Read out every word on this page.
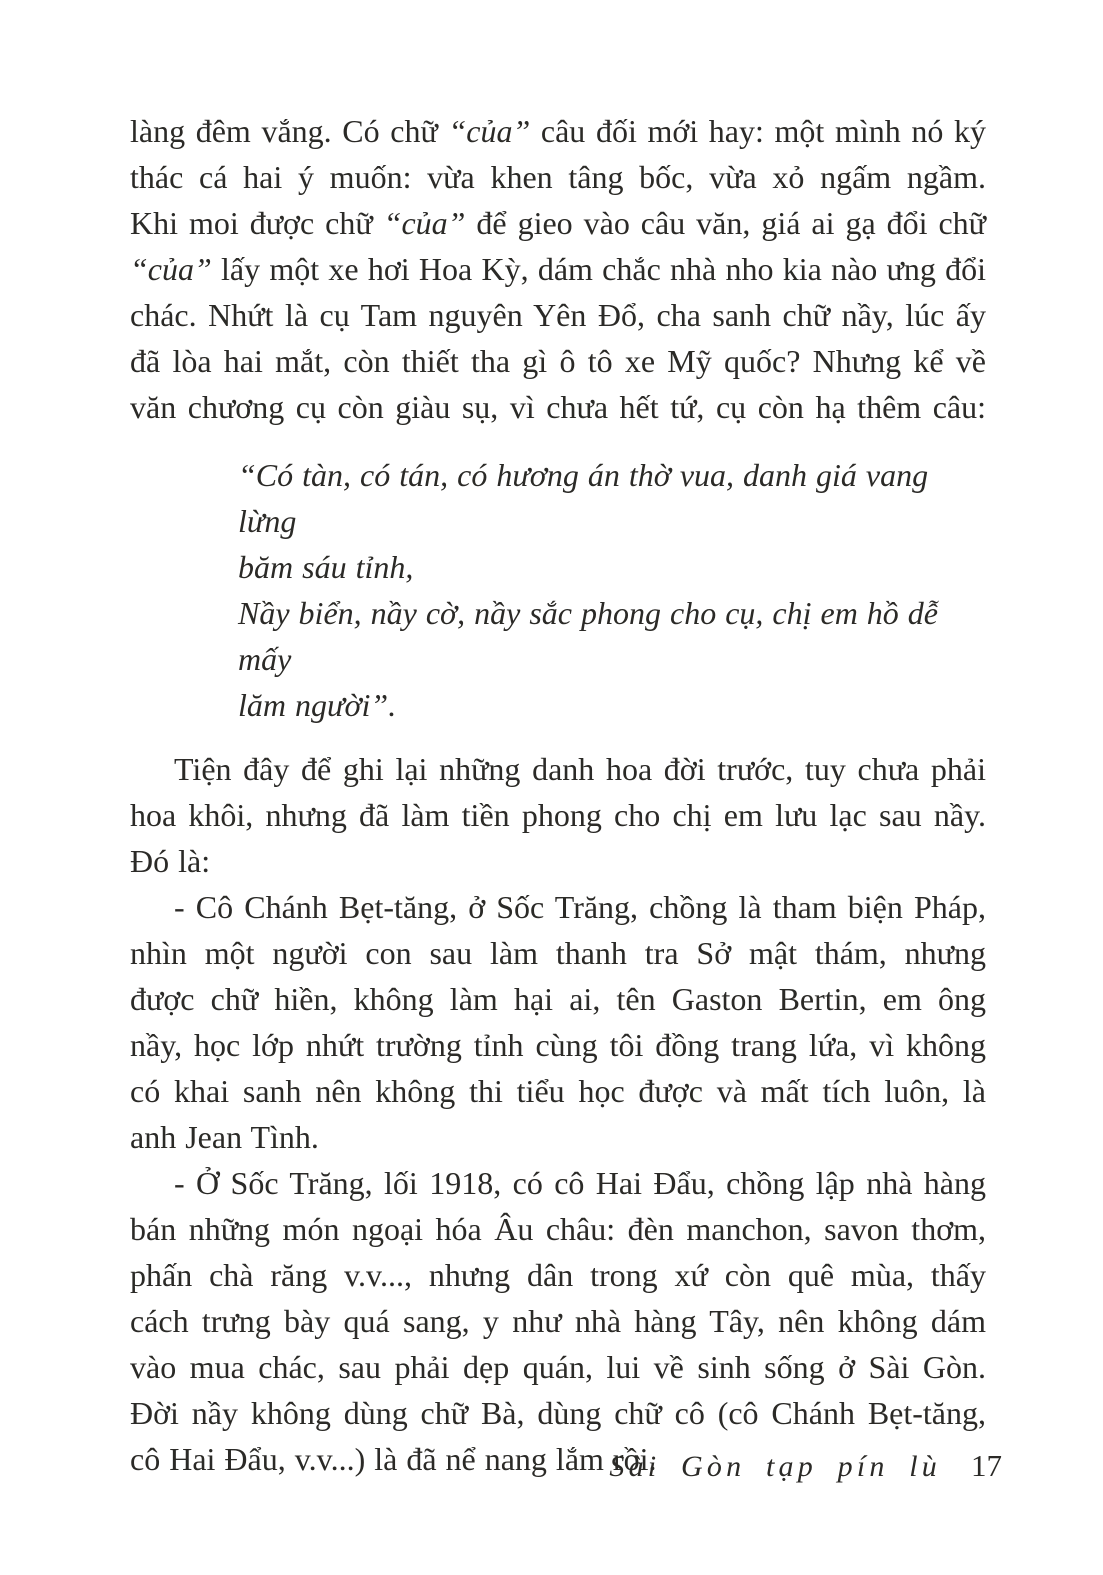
làng đêm vắng. Có chữ “của” câu đối mới hay: một mình nó ký
thác cá hai ý muốn: vừa khen tâng bốc, vừa xỏ ngấm ngầm.
Khi moi được chữ “của” để gieo vào câu văn, giá ai gạ đổi chữ
“của” lấy một xe hơi Hoa Kỳ, dám chắc nhà nho kia nào ưng đổi
chác. Nhứt là cụ Tam nguyên Yên Đổ, cha sanh chữ nầy, lúc ấy
đã lòa hai mắt, còn thiết tha gì ô tô xe Mỹ quốc? Nhưng kể về
văn chương cụ còn giàu sụ, vì chưa hết tứ, cụ còn hạ thêm câu:
“Có tàn, có tán, có hương án thờ vua, danh giá vang lừng
băm sáu tỉnh,
Nầy biển, nầy cờ, nầy sắc phong cho cụ, chị em hồ dễ mấy
lăm người”.
Tiện đây để ghi lại những danh hoa đời trước, tuy chưa phải
hoa khôi, nhưng đã làm tiền phong cho chị em lưu lạc sau nầy.
Đó là:
- Cô Chánh Bẹt-tăng, ở Sốc Trăng, chồng là tham biện Pháp,
nhìn một người con sau làm thanh tra Sở mật thám, nhưng
được chữ hiền, không làm hại ai, tên Gaston Bertin, em ông
nầy, học lớp nhứt trường tỉnh cùng tôi đồng trang lứa, vì không
có khai sanh nên không thi tiểu học được và mất tích luôn, là
anh Jean Tình.
- Ở Sốc Trăng, lối 1918, có cô Hai Đẩu, chồng lập nhà hàng
bán những món ngoại hóa Âu châu: đèn manchon, savon thơm,
phấn chà răng v.v..., nhưng dân trong xứ còn quê mùa, thấy
cách trưng bày quá sang, y như nhà hàng Tây, nên không dám
vào mua chác, sau phải dẹp quán, lui về sinh sống ở Sài Gòn.
Đời nầy không dùng chữ Bà, dùng chữ cô (cô Chánh Bẹt-tăng,
cô Hai Đẩu, v.v...) là đã nể nang lắm rồi.
Sài Gòn tạp pín lù 17
